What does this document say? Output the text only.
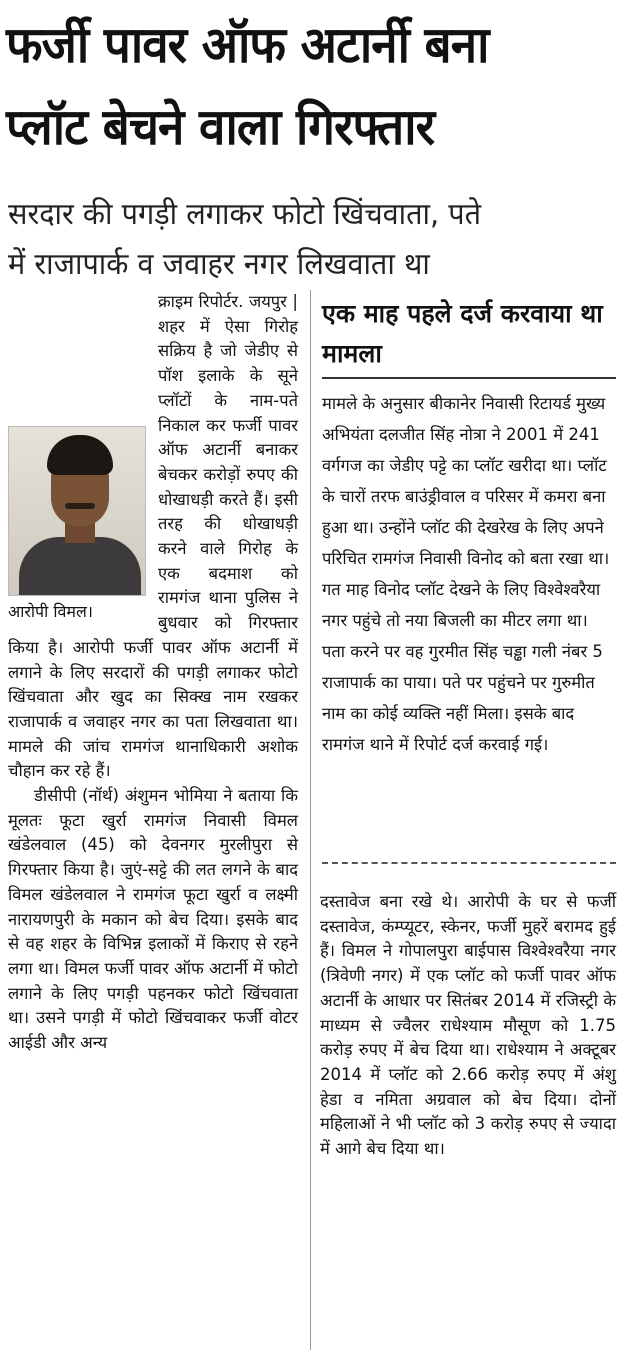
फर्जी पावर ऑफ अटार्नी बना
प्लॉट बेचने वाला गिरफ्तार
सरदार की पगड़ी लगाकर फोटो खिंचवाता, पते
में राजापार्क व जवाहर नगर लिखवाता था
आरोपी विमल।

क्राइम रिपोर्टर. जयपुर | शहर में ऐसा गिरोह सक्रिय है जो जेडीए से पॉश इलाके के सूने प्लॉटों के नाम-पते निकाल कर फर्जी पावर ऑफ अटार्नी बनाकर बेचकर करोड़ों रुपए की धोखाधड़ी करते हैं। इसी तरह की धोखाधड़ी करने वाले गिरोह के एक बदमाश को रामगंज थाना पुलिस ने बुधवार को गिरफ्तार किया है। आरोपी फर्जी पावर ऑफ अटार्नी में लगाने के लिए सरदारों की पगड़ी लगाकर फोटो खिंचवाता और खुद का सिक्ख नाम रखकर राजापार्क व जवाहर नगर का पता लिखवाता था। मामले की जांच रामगंज थानाधिकारी अशोक चौहान कर रहे हैं।

डीसीपी (नॉर्थ) अंशुमन भोमिया ने बताया कि मूलतः फूटा खुर्रा रामगंज निवासी विमल खंडेलवाल (45) को देवनगर मुरलीपुरा से गिरफ्तार किया है। जुएं-सट्टे की लत लगने के बाद विमल खंडेलवाल ने रामगंज फूटा खुर्रा व लक्ष्मी नारायणपुरी के मकान को बेच दिया। इसके बाद से वह शहर के विभिन्न इलाकों में किराए से रहने लगा था। विमल फर्जी पावर ऑफ अटार्नी में फोटो लगाने के लिए पगड़ी पहनकर फोटो खिंचवाता था। उसने पगड़ी में फोटो खिंचवाकर फर्जी वोटर आईडी और अन्य

एक माह पहले दर्ज करवाया था मामला
मामले के अनुसार बीकानेर निवासी रिटायर्ड मुख्य अभियंता दलजीत सिंह नोत्रा ने 2001 में 241 वर्गगज का जेडीए पट्टे का प्लॉट खरीदा था। प्लॉट के चारों तरफ बाउंड्रीवाल व परिसर में कमरा बना हुआ था। उन्होंने प्लॉट की देखरेख के लिए अपने परिचित रामगंज निवासी विनोद को बता रखा था। गत माह विनोद प्लॉट देखने के लिए विश्वेश्वरैया नगर पहुंचे तो नया बिजली का मीटर लगा था। पता करने पर वह गुरमीत सिंह चड्ढा गली नंबर 5 राजापार्क का पाया। पते पर पहुंचने पर गुरुमीत नाम का कोई व्यक्ति नहीं मिला। इसके बाद रामगंज थाने में रिपोर्ट दर्ज करवाई गई।

दस्तावेज बना रखे थे। आरोपी के घर से फर्जी दस्तावेज, कंम्प्यूटर, स्केनर, फर्जी मुहरें बरामद हुई हैं। विमल ने गोपालपुरा बाईपास विश्वेश्वरैया नगर (त्रिवेणी नगर) में एक प्लॉट को फर्जी पावर ऑफ अटार्नी के आधार पर सितंबर 2014 में रजिस्ट्री के माध्यम से ज्वैलर राधेश्याम मौसूण को 1.75 करोड़ रुपए में बेच दिया था। राधेश्याम ने अक्टूबर 2014 में प्लॉट को 2.66 करोड़ रुपए में अंशु हेडा व नमिता अग्रवाल को बेच दिया। दोनों महिलाओं ने भी प्लॉट को 3 करोड़ रुपए से ज्यादा में आगे बेच दिया था।
